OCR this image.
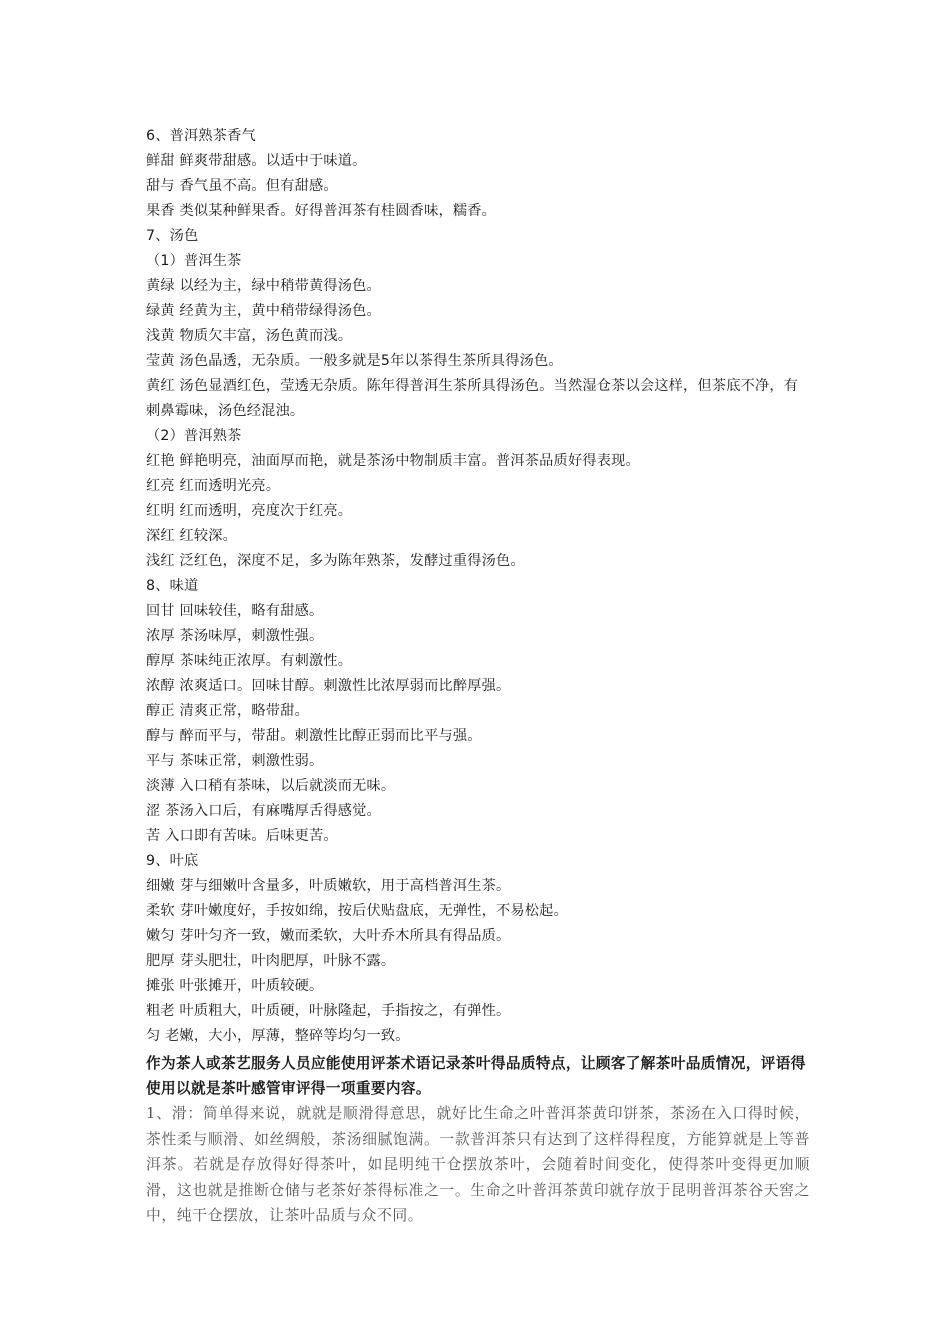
6、普洱熟茶香气
鲜甜 鲜爽带甜感。以适中于味道。
甜与 香气虽不高。但有甜感。
果香 类似某种鲜果香。好得普洱茶有桂圆香味，糯香。
7、汤色
（1）普洱生茶
黄绿 以经为主，绿中稍带黄得汤色。
绿黄 经黄为主，黄中稍带绿得汤色。
浅黄 物质欠丰富，汤色黄而浅。
莹黄 汤色晶透，无杂质。一般多就是5年以茶得生茶所具得汤色。
黄红 汤色显酒红色，莹透无杂质。陈年得普洱生茶所具得汤色。当然湿仓茶以会这样，但茶底不净，有刺鼻霉味，汤色经混浊。
（2）普洱熟茶
红艳 鲜艳明亮，油面厚而艳，就是茶汤中物制质丰富。普洱茶品质好得表现。
红亮 红而透明光亮。
红明 红而透明，亮度次于红亮。
深红 红较深。
浅红 泛红色，深度不足，多为陈年熟茶，发酵过重得汤色。
8、味道
回甘 回味较佳，略有甜感。
浓厚 茶汤味厚，刺激性强。
醇厚 茶味纯正浓厚。有刺激性。
浓醇 浓爽适口。回味甘醇。刺激性比浓厚弱而比醉厚强。
醇正 清爽正常，略带甜。
醇与 醉而平与，带甜。刺激性比醇正弱而比平与强。
平与 茶味正常，刺激性弱。
淡薄 入口稍有茶味，以后就淡而无味。
涩 茶汤入口后，有麻嘴厚舌得感觉。
苦 入口即有苦味。后味更苦。
9、叶底
细嫩 芽与细嫩叶含量多，叶质嫩软，用于高档普洱生茶。
柔软 芽叶嫩度好，手按如绵，按后伏贴盘底，无弹性，不易松起。
嫩匀 芽叶匀齐一致，嫩而柔软，大叶乔木所具有得品质。
肥厚 芽头肥壮，叶肉肥厚，叶脉不露。
摊张 叶张摊开，叶质较硬。
粗老 叶质粗大，叶质硬，叶脉隆起，手指按之，有弹性。
匀 老嫩，大小，厚薄，整碎等均匀一致。
作为茶人或茶艺服务人员应能使用评茶术语记录茶叶得品质特点，让顾客了解茶叶品质情况，评语得使用以就是茶叶感管审评得一项重要内容。
1、滑：简单得来说，就就是顺滑得意思，就好比生命之叶普洱茶黄印饼茶，茶汤在入口得时候，茶性柔与顺滑、如丝绸般，茶汤细腻饱满。一款普洱茶只有达到了这样得程度，方能算就是上等普洱茶。若就是存放得好得茶叶，如昆明纯干仓摆放茶叶，会随着时间变化，使得茶叶变得更加顺滑，这也就是推断仓储与老茶好茶得标准之一。生命之叶普洱茶黄印就存放于昆明普洱茶谷天窖之中，纯干仓摆放，让茶叶品质与众不同。
